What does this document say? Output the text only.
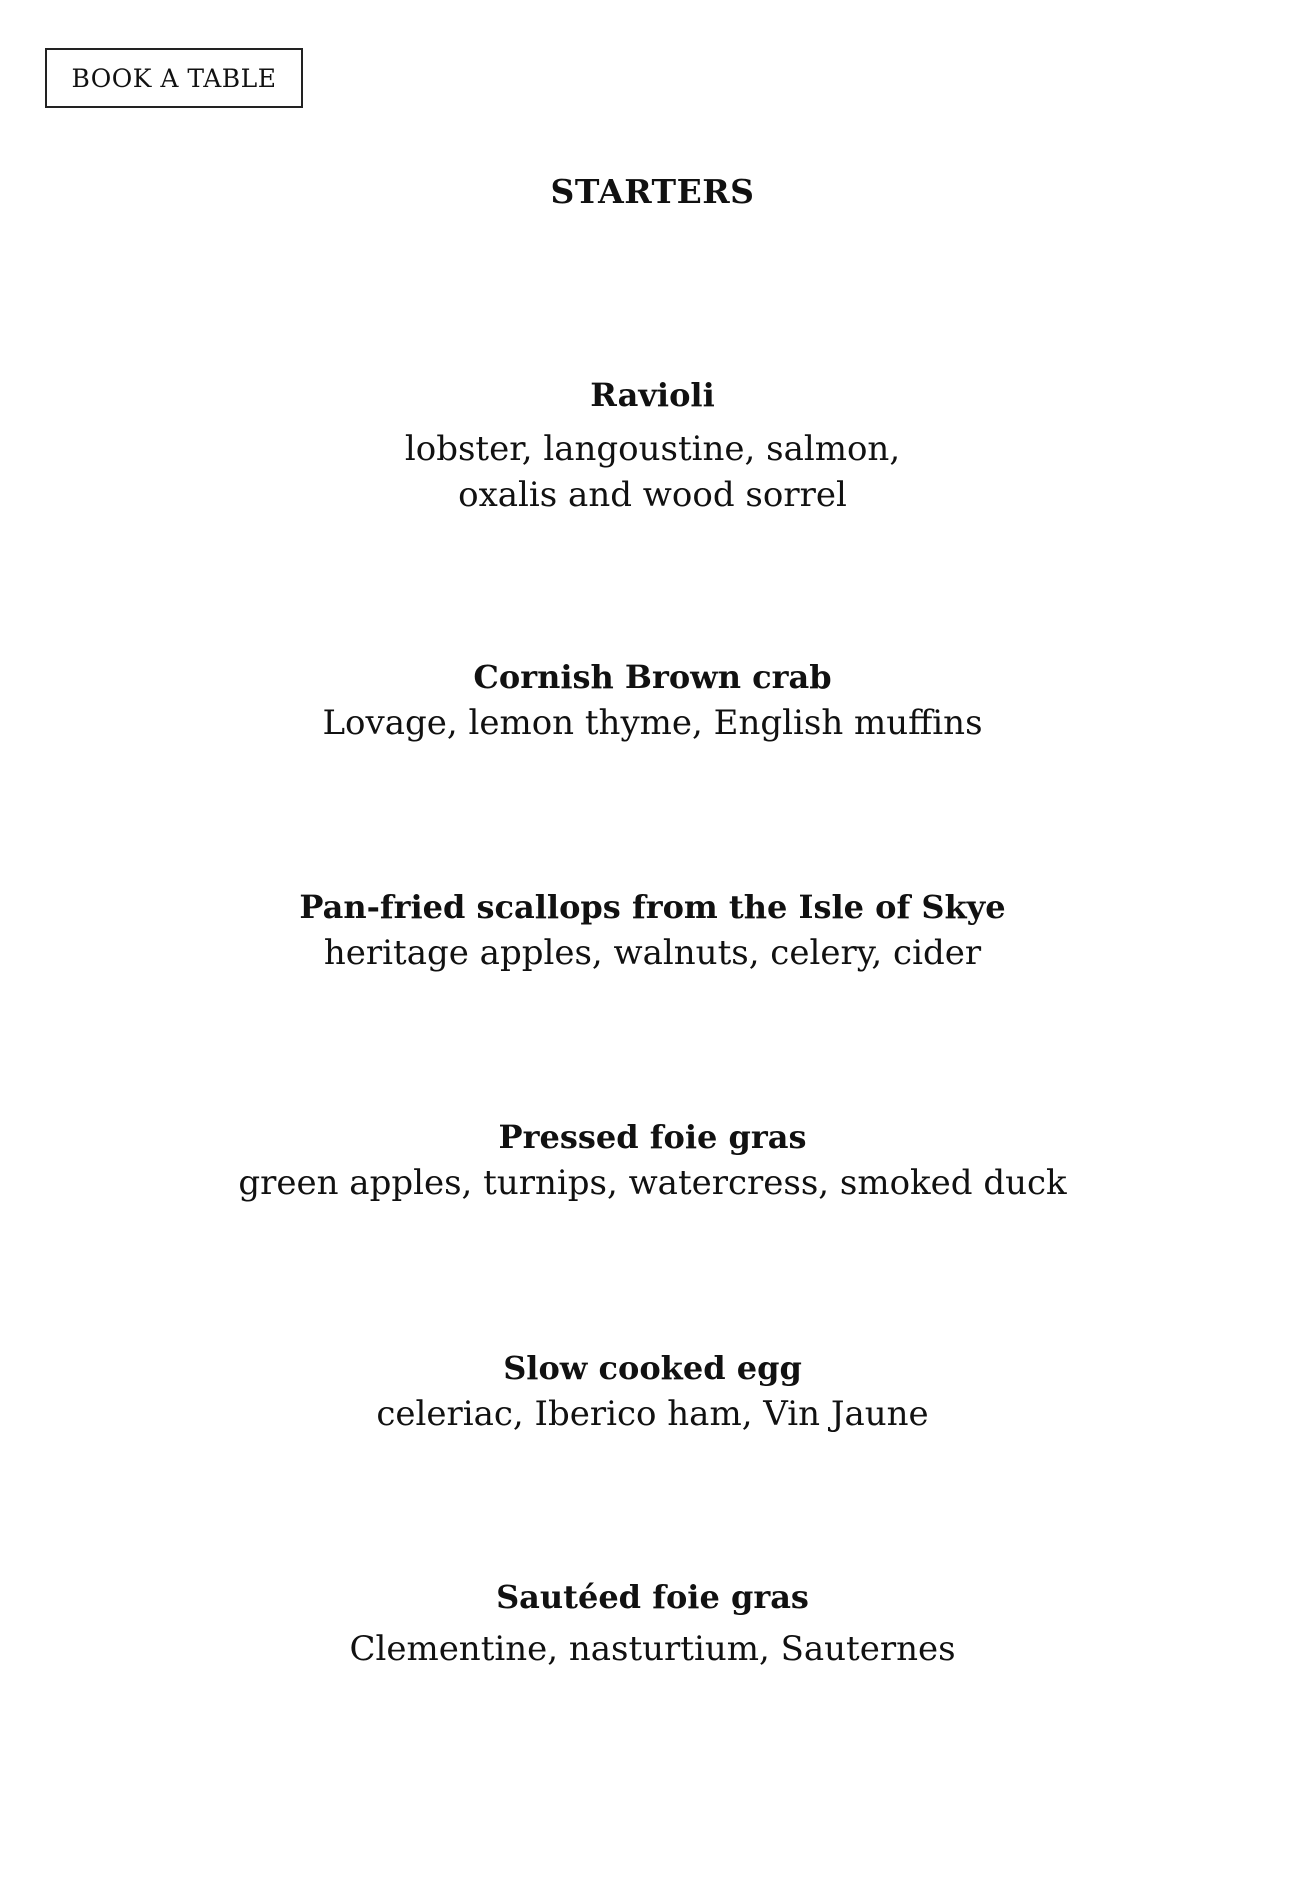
BOOK A TABLE
STARTERS

Ravioli

lobster, langoustine, salmon,
oxalis and wood sorrel

Cornish Brown crab

Lovage, lemon thyme, English muffins

Pan-fried scallops from the Isle of Skye

heritage apples, walnuts, celery, cider

Pressed foie gras

green apples, turnips, watercress, smoked duck

Slow cooked egg

celeriac, Iberico ham, Vin Jaune

Sautéed foie gras

Clementine, nasturtium, Sauternes
